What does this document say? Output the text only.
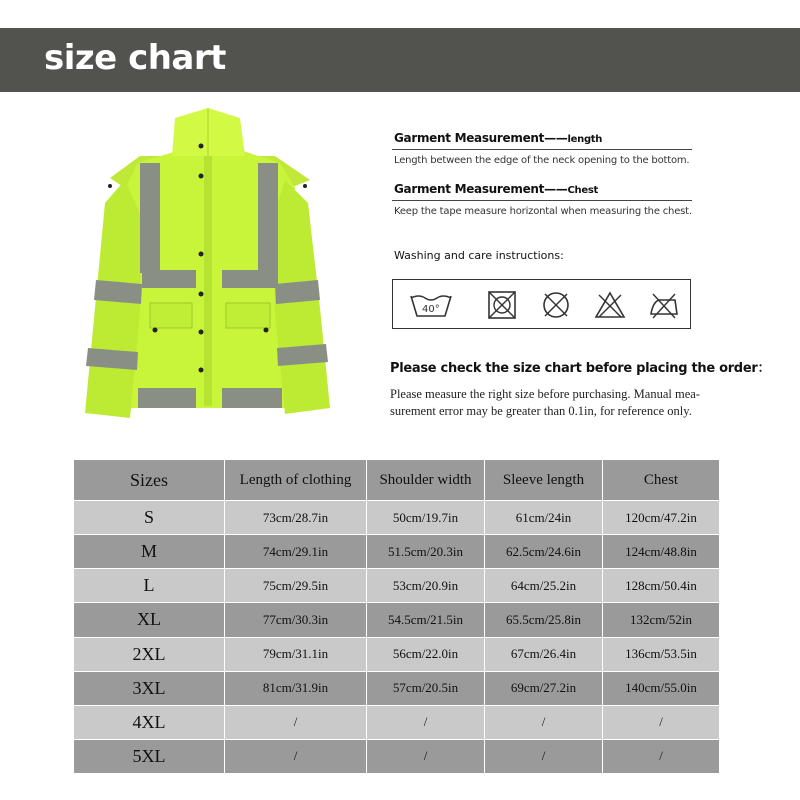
size chart
Garment Measurement——length
Length between the edge of the neck opening to the bottom.
Garment Measurement——Chest
Keep the tape measure horizontal when measuring the chest.
Washing and care instructions:
40°
Please check the size chart before placing the order：
Please measure the right size before purchasing. Manual mea-
surement error may be greater than 0.1in, for reference only.
Sizes	Length of clothing	Shoulder width	Sleeve length	Chest
S	73cm/28.7in	50cm/19.7in	61cm/24in	120cm/47.2in
M	74cm/29.1in	51.5cm/20.3in	62.5cm/24.6in	124cm/48.8in
L	75cm/29.5in	53cm/20.9in	64cm/25.2in	128cm/50.4in
XL	77cm/30.3in	54.5cm/21.5in	65.5cm/25.8in	132cm/52in
2XL	79cm/31.1in	56cm/22.0in	67cm/26.4in	136cm/53.5in
3XL	81cm/31.9in	57cm/20.5in	69cm/27.2in	140cm/55.0in
4XL	/	/	/	/
5XL	/	/	/	/
